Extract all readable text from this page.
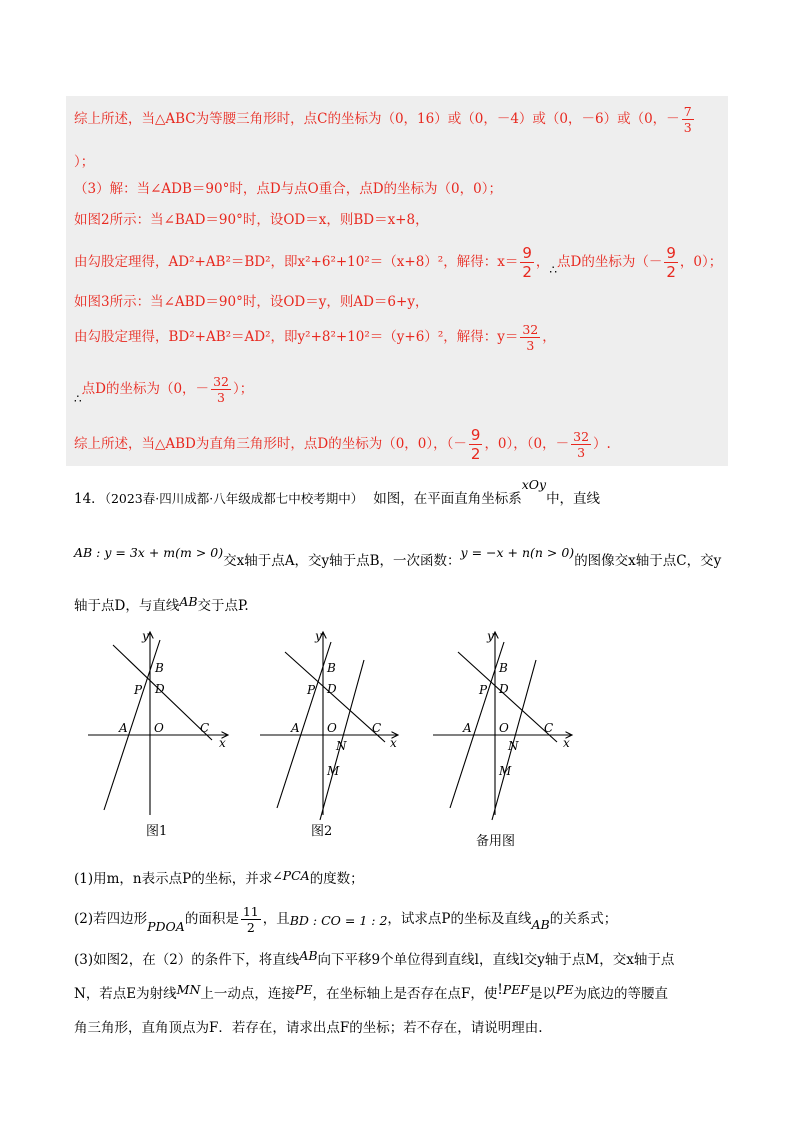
综上所述，当△ABC为等腰三角形时，点C的坐标为（0，16）或（0，－4）或（0，－6）或（0，－ $\frac{7}{3}$
）；
（3）解：当∠ADB＝90°时，点D与点O重合，点D的坐标为（0，0）；
如图2所示：当∠BAD＝90°时，设OD＝x，则BD＝x+8，
由勾股定理得，AD²+AB²＝BD²，即x²+6²+10²＝（x+8）²，解得：$x= \frac{9}{2}$ ，∴点D的坐标为（－ $\frac{9}{2}$ ，0）；
如图3所示：当∠ABD＝90°时，设OD＝y，则AD＝6+y，
由勾股定理得，BD²+AB²＝AD²，即y²+8²+10²＝（y+6）²，解得：$y= \frac{32}{3}$ ，
∴点D的坐标为（0，－ $\frac{32}{3}$ ）；
综上所述，当△ABD为直角三角形时，点D的坐标为（0，0），（－ $\frac{9}{2}$ ，0），（0，－ $\frac{32}{3}$ ）.
14．（2023春·四川成都·八年级成都七中校考期中） 如图，在平面直角坐标系xOy中，直线
AB : y = 3x + m(m > 0)交x轴于点A，交y轴于点B，一次函数：y = −x + n(n > 0)的图像交x轴于点C，交y
轴于点D，与直线AB交于点P.
y
x
B
P D
A O	C
图1
y
x
B
P D
A O
N
C
M
图2
y
x
B
P D
A O
N
C
M
备用图
(1)用m，n表示点P的坐标，并求∠PCA的度数；
(2)若四边形PDOA的面积是 $\frac{11}{2}$ ，且BD : CO = 1 : 2，试求点P的坐标及直线AB的关系式；
(3)如图2，在（2）的条件下，将直线AB向下平移9个单位得到直线l，直线l交y轴于点M，交x轴于点
N，若点E为射线MN上一动点，连接PE，在坐标轴上是否存在点F，使!PEF是以PE为底边的等腰直
角三角形，直角顶点为F．若存在，请求出点F的坐标；若不存在，请说明理由.
